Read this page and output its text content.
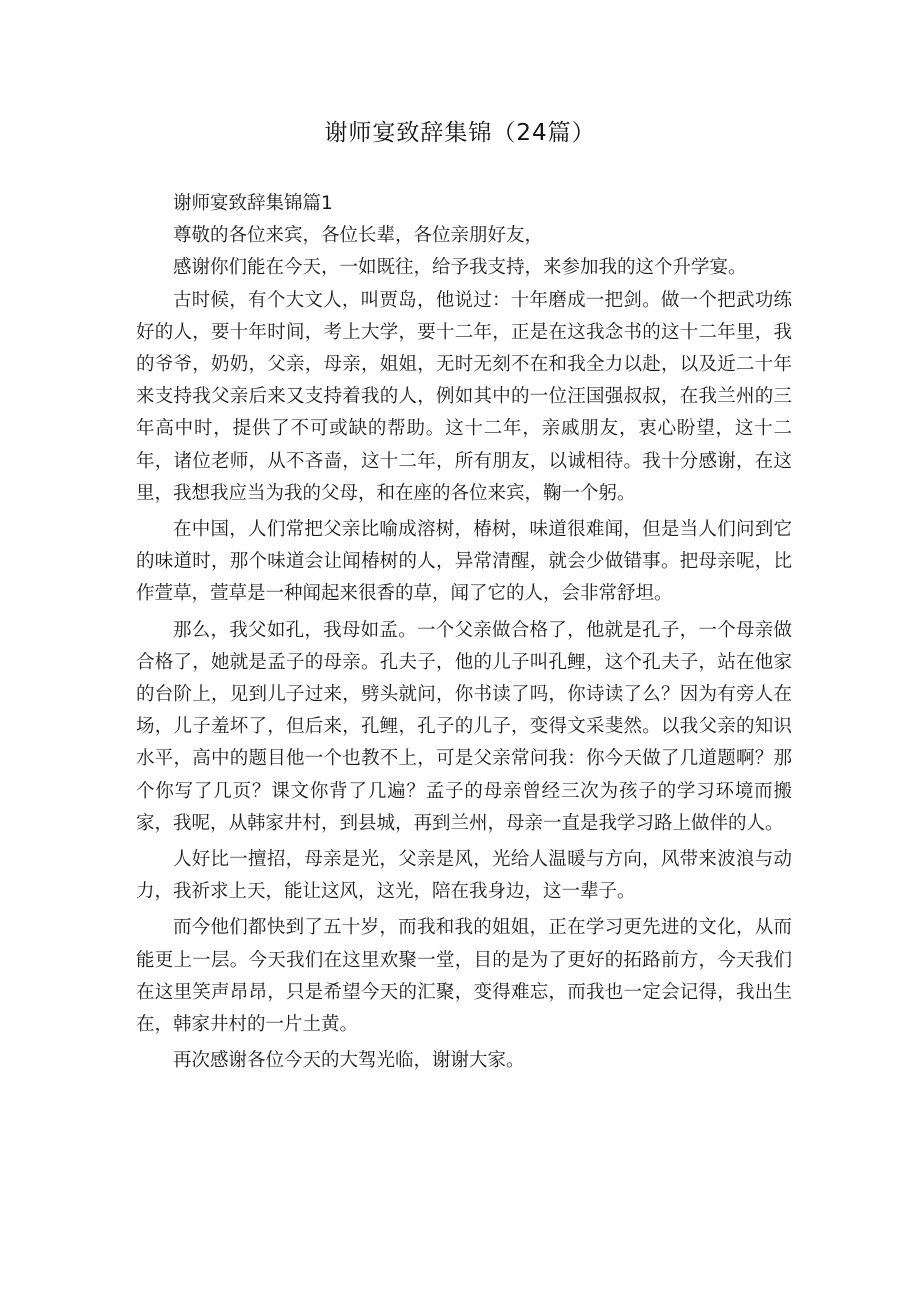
谢师宴致辞集锦（24篇）

谢师宴致辞集锦篇1

尊敬的各位来宾，各位长辈，各位亲朋好友，

感谢你们能在今天，一如既往，给予我支持，来参加我的这个升学宴。

古时候，有个大文人，叫贾岛，他说过：十年磨成一把剑。做一个把武功练好的人，要十年时间，考上大学，要十二年，正是在这我念书的这十二年里，我的爷爷，奶奶，父亲，母亲，姐姐，无时无刻不在和我全力以赴，以及近二十年来支持我父亲后来又支持着我的人，例如其中的一位汪国强叔叔，在我兰州的三年高中时，提供了不可或缺的帮助。这十二年，亲戚朋友，衷心盼望，这十二年，诸位老师，从不吝啬，这十二年，所有朋友，以诚相待。我十分感谢，在这里，我想我应当为我的父母，和在座的各位来宾，鞠一个躬。

在中国，人们常把父亲比喻成溶树，椿树，味道很难闻，但是当人们问到它的味道时，那个味道会让闻椿树的人，异常清醒，就会少做错事。把母亲呢，比作萱草，萱草是一种闻起来很香的草，闻了它的人，会非常舒坦。

那么，我父如孔，我母如孟。一个父亲做合格了，他就是孔子，一个母亲做合格了，她就是孟子的母亲。孔夫子，他的儿子叫孔鲤，这个孔夫子，站在他家的台阶上，见到儿子过来，劈头就问，你书读了吗，你诗读了么？因为有旁人在场，儿子羞坏了，但后来，孔鲤，孔子的儿子，变得文采斐然。以我父亲的知识水平，高中的题目他一个也教不上，可是父亲常问我：你今天做了几道题啊？那个你写了几页？课文你背了几遍？孟子的母亲曾经三次为孩子的学习环境而搬家，我呢，从韩家井村，到县城，再到兰州，母亲一直是我学习路上做伴的人。

人好比一擅招，母亲是光，父亲是风，光给人温暖与方向，风带来波浪与动力，我祈求上天，能让这风，这光，陪在我身边，这一辈子。

而今他们都快到了五十岁，而我和我的姐姐，正在学习更先进的文化，从而能更上一层。今天我们在这里欢聚一堂，目的是为了更好的拓路前方，今天我们在这里笑声昂昂，只是希望今天的汇聚，变得难忘，而我也一定会记得，我出生在，韩家井村的一片土黄。

再次感谢各位今天的大驾光临，谢谢大家。
